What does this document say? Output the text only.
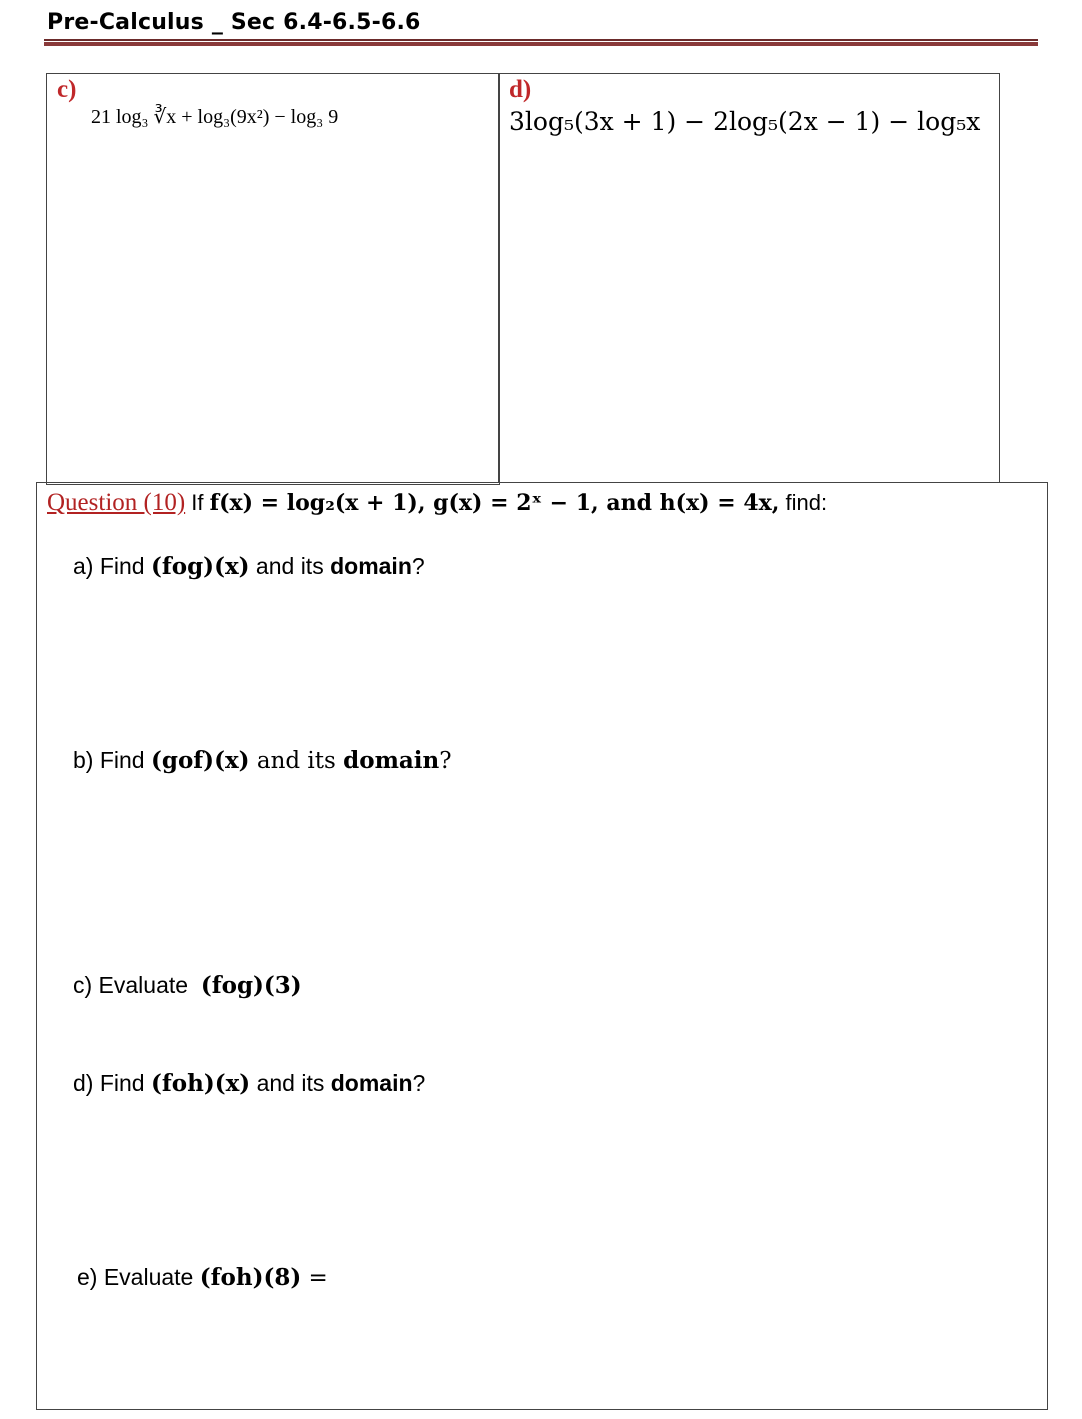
Pre-Calculus _ Sec 6.4-6.5-6.6
c)
21 log₃ ∛x + log₃(9x²) − log₃ 9
d)
3log₅(3x + 1) − 2log₅(2x − 1) − log₅x
Question (10) If f(x) = log₂(x + 1), g(x) = 2ˣ − 1, and h(x) = 4x, find:
a) Find (fog)(x) and its domain?
b) Find (gof)(x) and its domain?
c) Evaluate  (fog)(3)
d) Find (foh)(x) and its domain?
e) Evaluate (foh)(8) =
